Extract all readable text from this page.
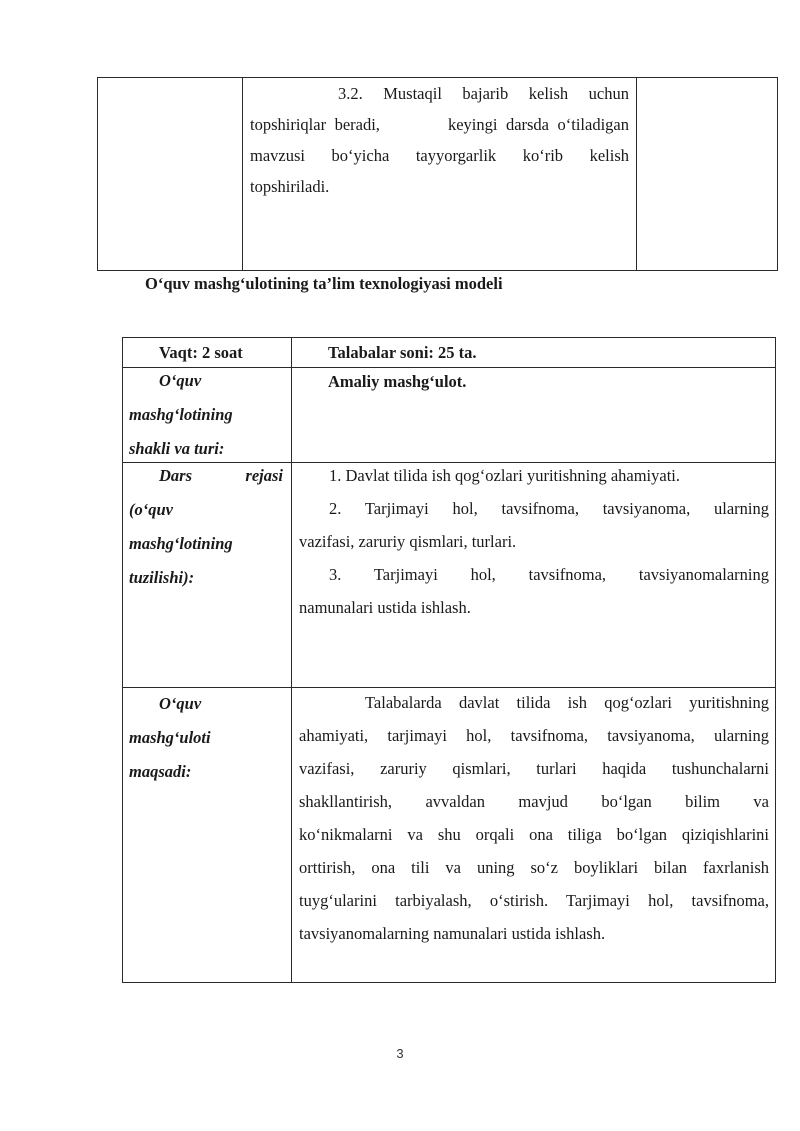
3.2. Mustaqil bajarib kelish uchun
topshiriqlar beradi,        keyingi darsda o‘tiladigan
mavzusi bo‘yicha tayyorgarlik ko‘rib kelish
topshiriladi.
O‘quv mashg‘ulotining ta’lim texnologiyasi modeli
Vaqt: 2 soat	Talabalar soni: 25 ta.
O‘quv
mashg‘lotining
shakli va turi:
Amaliy mashg‘ulot.
Dars	rejasi
(o‘quv
mashg‘lotining
tuzilishi):
1. Davlat tilida ish qog‘ozlari yuritishning ahamiyati.
2. Tarjimayi hol, tavsifnoma, tavsiyanoma, ularning
vazifasi, zaruriy qismlari, turlari.
3. Tarjimayi hol, tavsifnoma, tavsiyanomalarning
namunalari ustida ishlash.
O‘quv
mashg‘uloti
maqsadi:
Talabalarda davlat tilida ish qog‘ozlari yuritishning
ahamiyati, tarjimayi hol, tavsifnoma, tavsiyanoma, ularning
vazifasi, zaruriy qismlari, turlari haqida tushunchalarni
shakllantirish, avvaldan mavjud bo‘lgan bilim va
ko‘nikmalarni va shu orqali ona tiliga bo‘lgan qiziqishlarini
orttirish, ona tili va uning so‘z boyliklari bilan faxrlanish
tuyg‘ularini tarbiyalash, o‘stirish. Tarjimayi hol, tavsifnoma,
tavsiyanomalarning namunalari ustida ishlash.
3
